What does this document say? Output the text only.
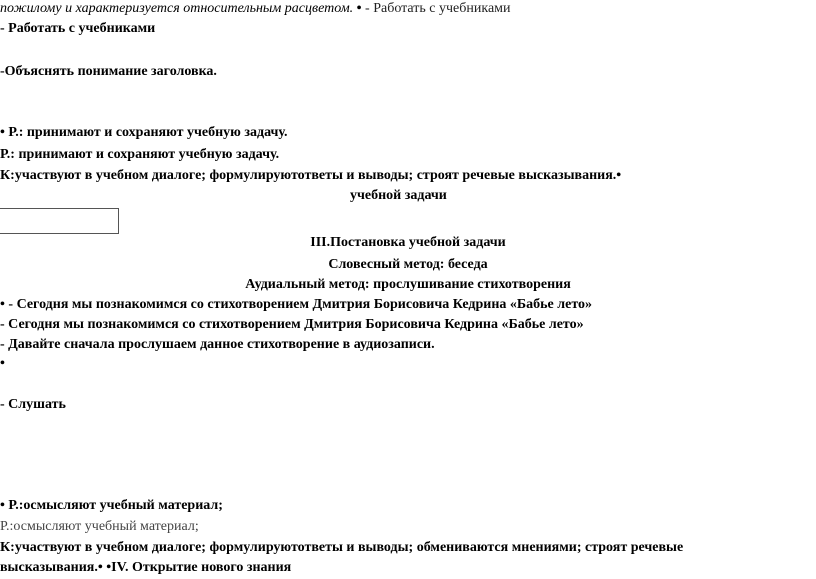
пожилому и характеризуется относительным расцветом. • - Работать с учебниками
- Работать с учебниками
-Объяснять понимание заголовка.
• Р.: принимают и сохраняют учебную задачу.
Р.: принимают и сохраняют учебную задачу.
К:участвуют в учебном диалоге; формулируютответы и выводы; строят речевые высказывания.•
учебной задачи
III.Постановка учебной задачи
Словесный метод: беседа
Аудиальный метод: прослушивание стихотворения
• - Сегодня мы познакомимся со стихотворением Дмитрия Борисовича Кедрина «Бабье лето»
- Сегодня мы познакомимся со стихотворением Дмитрия Борисовича Кедрина «Бабье лето»
- Давайте сначала прослушаем данное стихотворение в аудиозаписи.
•
- Слушать
• Р.:осмысляют учебный материал;
Р.:осмысляют учебный материал;
К:участвуют в учебном диалоге; формулируютответы и выводы; обмениваются мнениями; строят речевые
высказывания.• •IV. Открытие нового знания
